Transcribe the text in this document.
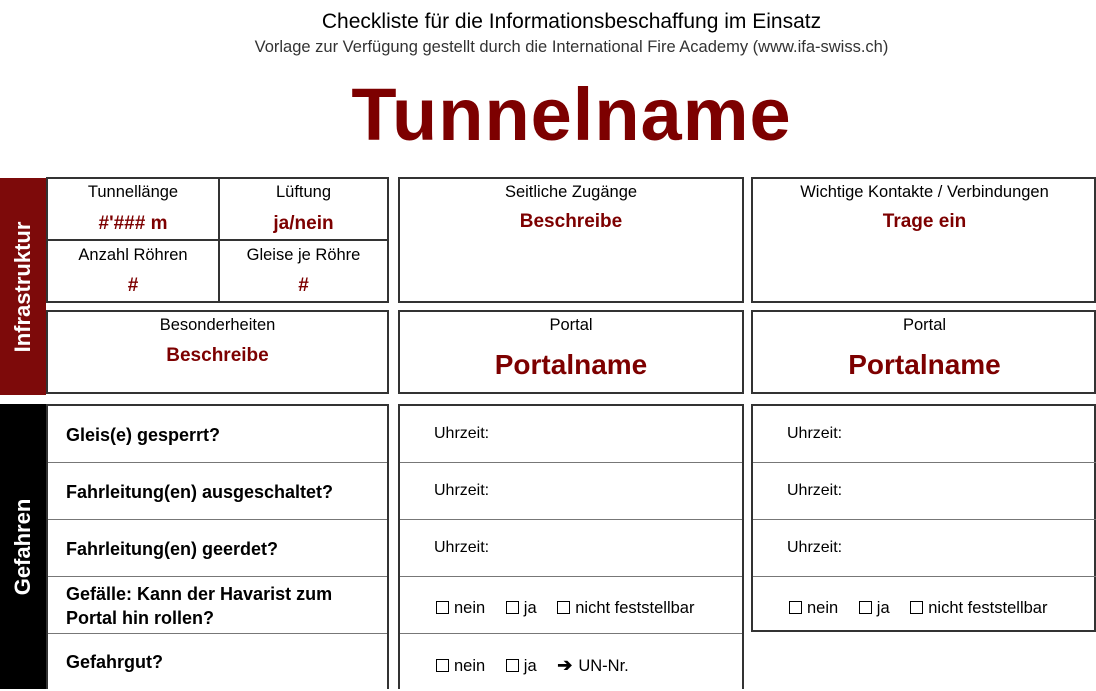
Checkliste für die Informationsbeschaffung im Einsatz
Vorlage zur Verfügung gestellt durch die International Fire Academy (www.ifa-swiss.ch)
Tunnelname
Infrastruktur
Gefahren
Tunnellänge
#'### m
Lüftung
ja/nein
Anzahl Röhren
#
Gleise je Röhre
#
Seitliche Zugänge
Beschreibe
Wichtige Kontakte / Verbindungen
Trage ein
Besonderheiten
Beschreibe
Portal
Portalname
Portal
Portalname
Gleis(e) gesperrt?
Fahrleitung(en) ausgeschaltet?
Fahrleitung(en) geerdet?
Gefälle: Kann der Havarist zum Portal hin rollen?
Gefahrgut?
Uhrzeit:
Uhrzeit:
Uhrzeit:
nein ja nicht feststellbar
nein ja ➔ UN-Nr.
Uhrzeit:
Uhrzeit:
Uhrzeit:
nein ja nicht feststellbar
